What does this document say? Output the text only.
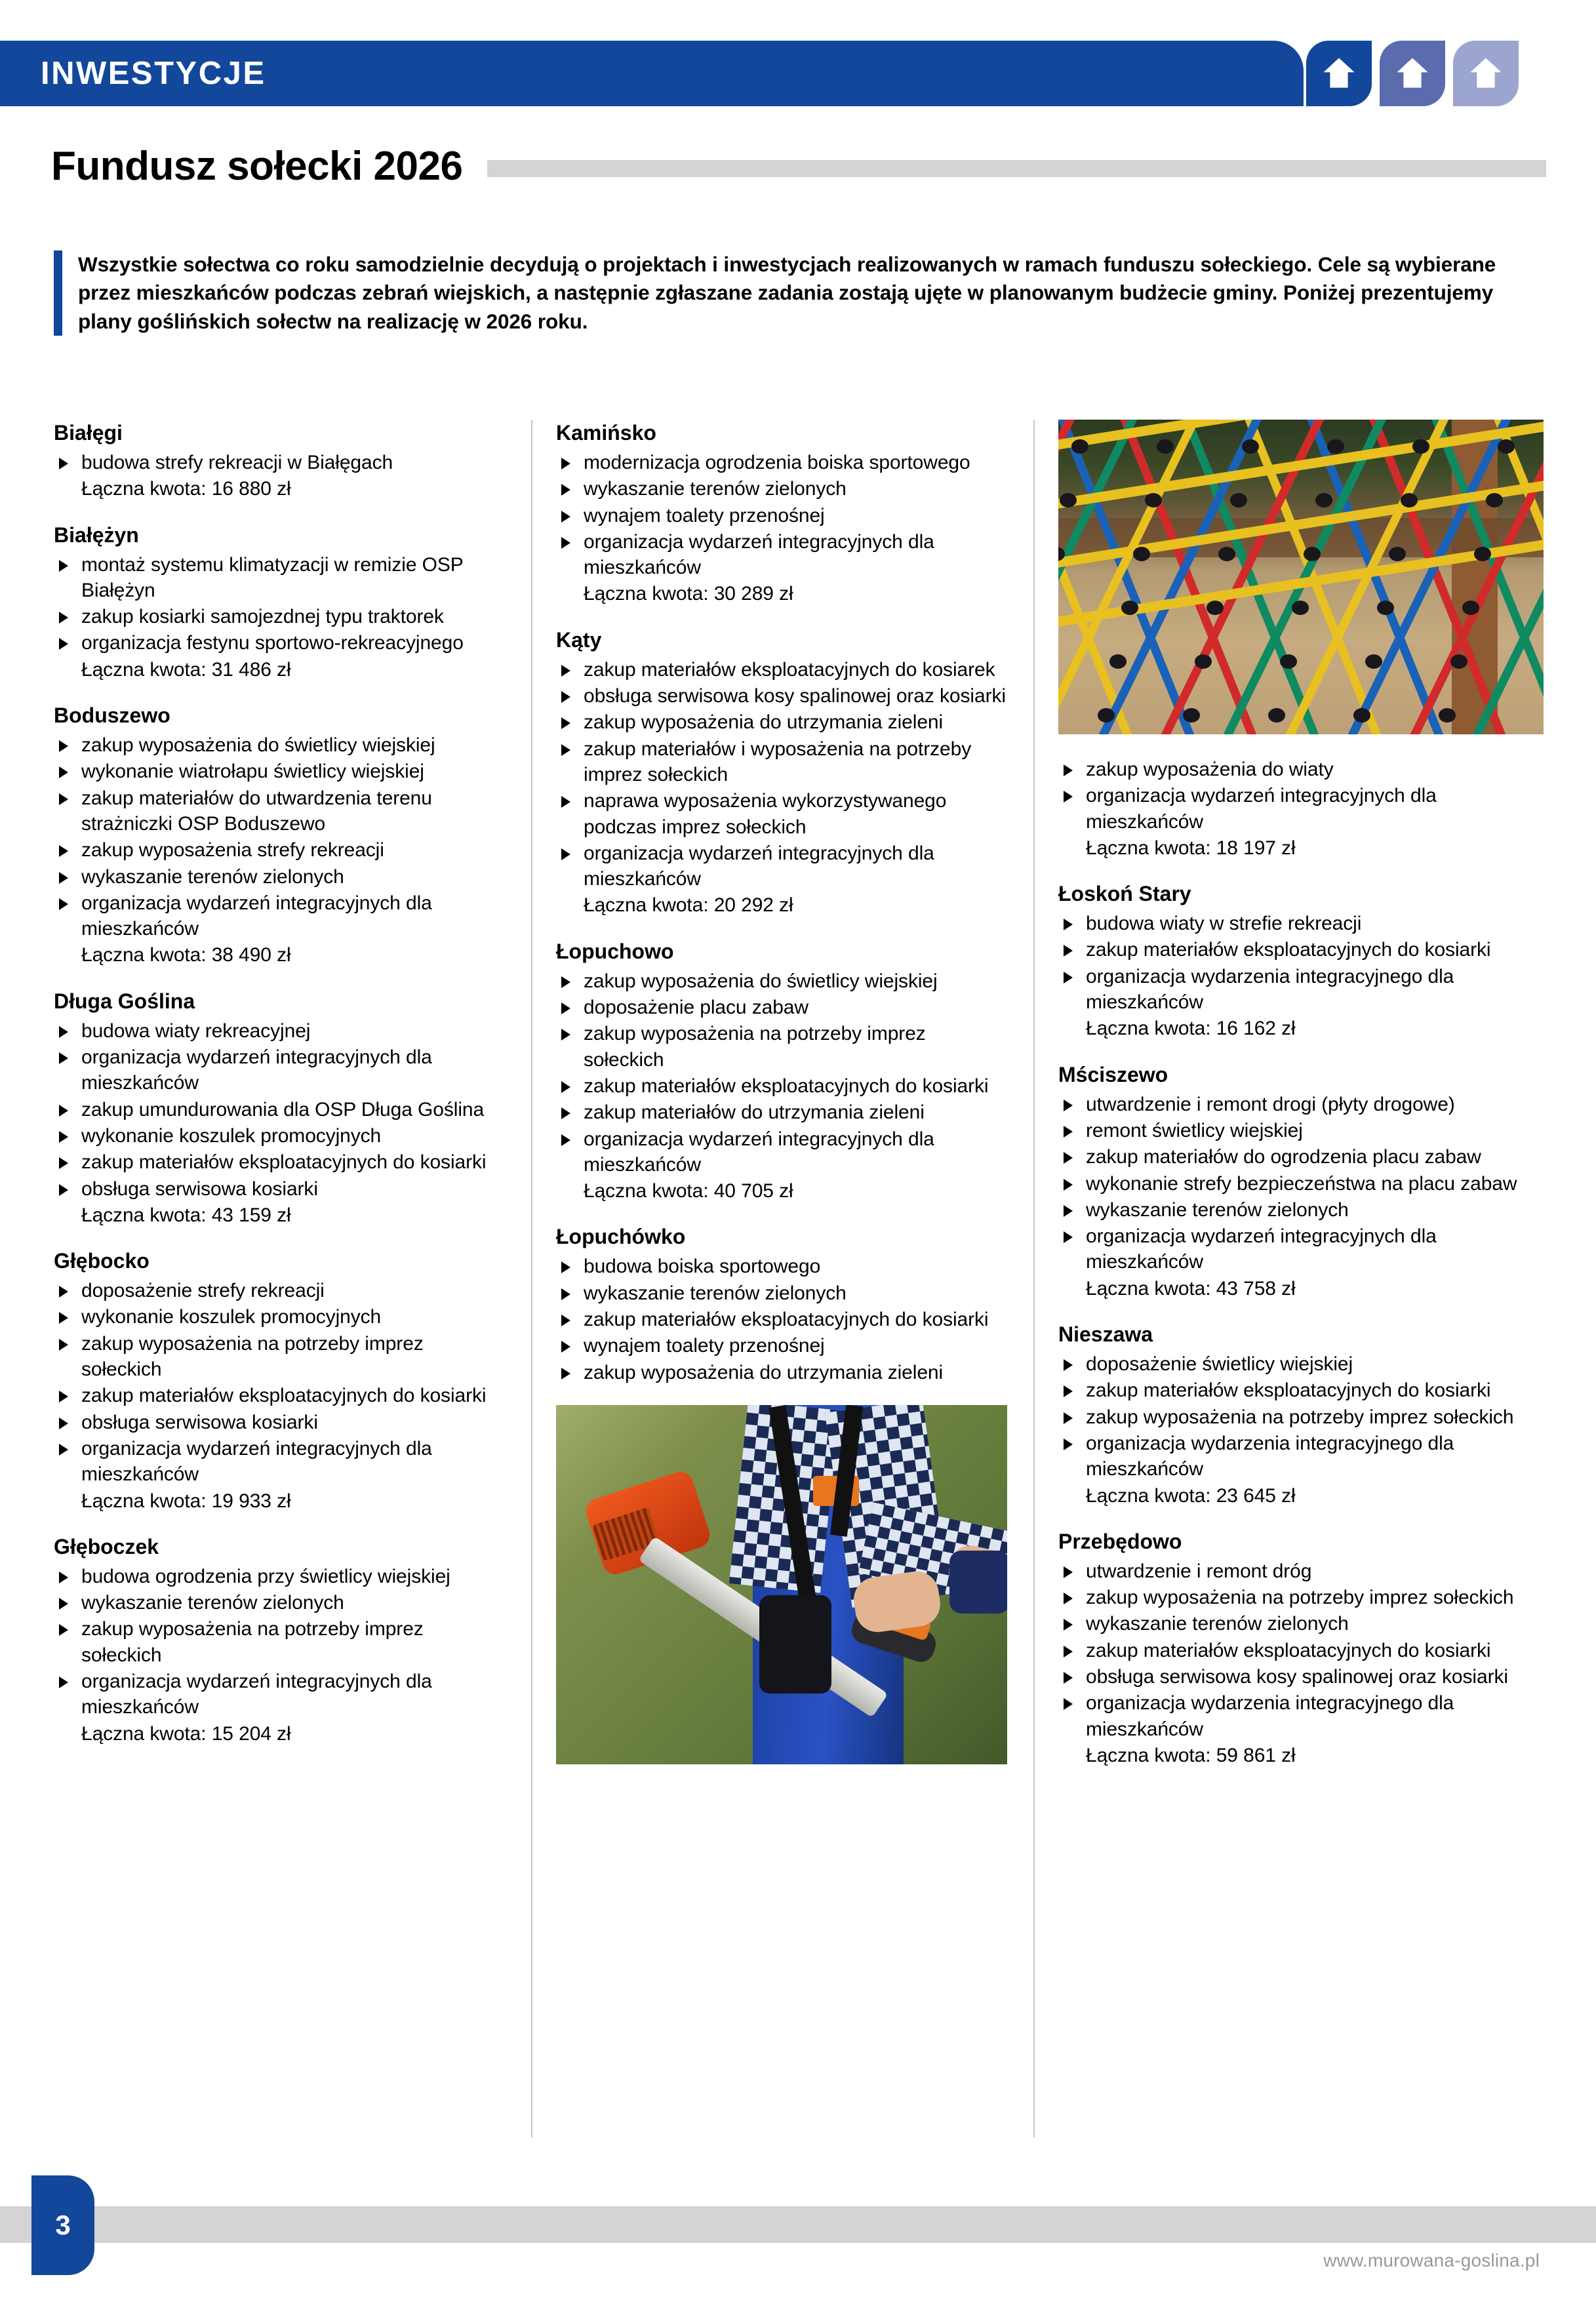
INWESTYCJE
Fundusz sołecki 2026
Wszystkie sołectwa co roku samodzielnie decydują o projektach i inwestycjach realizowanych w ramach funduszu sołeckiego. Cele są wybierane przez mieszkańców podczas zebrań wiejskich, a następnie zgłaszane zadania zostają ujęte w planowanym budżecie gminy. Poniżej prezentujemy plany goślińskich sołectw na realizację w 2026 roku.
Białęgi
budowa strefy rekreacji w Białęgach
Łączna kwota: 16 880 zł
Białężyn
montaż systemu klimatyzacji w remizie OSP Białężyn
zakup kosiarki samojezdnej typu traktorek
organizacja festynu sportowo-rekreacyjnego
Łączna kwota: 31 486 zł
Boduszewo
zakup wyposażenia do świetlicy wiejskiej
wykonanie wiatrołapu świetlicy wiejskiej
zakup materiałów do utwardzenia terenu strażniczki OSP Boduszewo
zakup wyposażenia strefy rekreacji
wykaszanie terenów zielonych
organizacja wydarzeń integracyjnych dla mieszkańców
Łączna kwota: 38 490 zł
Długa Goślina
budowa wiaty rekreacyjnej
organizacja wydarzeń integracyjnych dla mieszkańców
zakup umundurowania dla OSP Długa Goślina
wykonanie koszulek promocyjnych
zakup materiałów eksploatacyjnych do kosiarki
obsługa serwisowa kosiarki
Łączna kwota: 43 159 zł
Głębocko
doposażenie strefy rekreacji
wykonanie koszulek promocyjnych
zakup wyposażenia na potrzeby imprez sołeckich
zakup materiałów eksploatacyjnych do kosiarki
obsługa serwisowa kosiarki
organizacja wydarzeń integracyjnych dla mieszkańców
Łączna kwota: 19 933 zł
Głęboczek
budowa ogrodzenia przy świetlicy wiejskiej
wykaszanie terenów zielonych
zakup wyposażenia na potrzeby imprez sołeckich
organizacja wydarzeń integracyjnych dla mieszkańców
Łączna kwota: 15 204 zł
Kamińsko
modernizacja ogrodzenia boiska sportowego
wykaszanie terenów zielonych
wynajem toalety przenośnej
organizacja wydarzeń integracyjnych dla mieszkańców
Łączna kwota: 30 289 zł
Kąty
zakup materiałów eksploatacyjnych do kosiarek
obsługa serwisowa kosy spalinowej oraz kosiarki
zakup wyposażenia do utrzymania zieleni
zakup materiałów i wyposażenia na potrzeby imprez sołeckich
naprawa wyposażenia wykorzystywanego podczas imprez sołeckich
organizacja wydarzeń integracyjnych dla mieszkańców
Łączna kwota: 20 292 zł
Łopuchowo
zakup wyposażenia do świetlicy wiejskiej
doposażenie placu zabaw
zakup wyposażenia na potrzeby imprez sołeckich
zakup materiałów eksploatacyjnych do kosiarki
zakup materiałów do utrzymania zieleni
organizacja wydarzeń integracyjnych dla mieszkańców
Łączna kwota: 40 705 zł
Łopuchówko
budowa boiska sportowego
wykaszanie terenów zielonych
zakup materiałów eksploatacyjnych do kosiarki
wynajem toalety przenośnej
zakup wyposażenia do utrzymania zieleni
zakup wyposażenia do wiaty
organizacja wydarzeń integracyjnych dla mieszkańców
Łączna kwota: 18 197 zł
Łoskoń Stary
budowa wiaty w strefie rekreacji
zakup materiałów eksploatacyjnych do kosiarki
organizacja wydarzenia integracyjnego dla mieszkańców
Łączna kwota: 16 162 zł
Mściszewo
utwardzenie i remont drogi (płyty drogowe)
remont świetlicy wiejskiej
zakup materiałów do ogrodzenia placu zabaw
wykonanie strefy bezpieczeństwa na placu zabaw
wykaszanie terenów zielonych
organizacja wydarzeń integracyjnych dla mieszkańców
Łączna kwota: 43 758 zł
Nieszawa
doposażenie świetlicy wiejskiej
zakup materiałów eksploatacyjnych do kosiarki
zakup wyposażenia na potrzeby imprez sołeckich
organizacja wydarzenia integracyjnego dla mieszkańców
Łączna kwota: 23 645 zł
Przebędowo
utwardzenie i remont dróg
zakup wyposażenia na potrzeby imprez sołeckich
wykaszanie terenów zielonych
zakup materiałów eksploatacyjnych do kosiarki
obsługa serwisowa kosy spalinowej oraz kosiarki
organizacja wydarzenia integracyjnego dla mieszkańców
Łączna kwota: 59 861 zł
3
www.murowana-goslina.pl
